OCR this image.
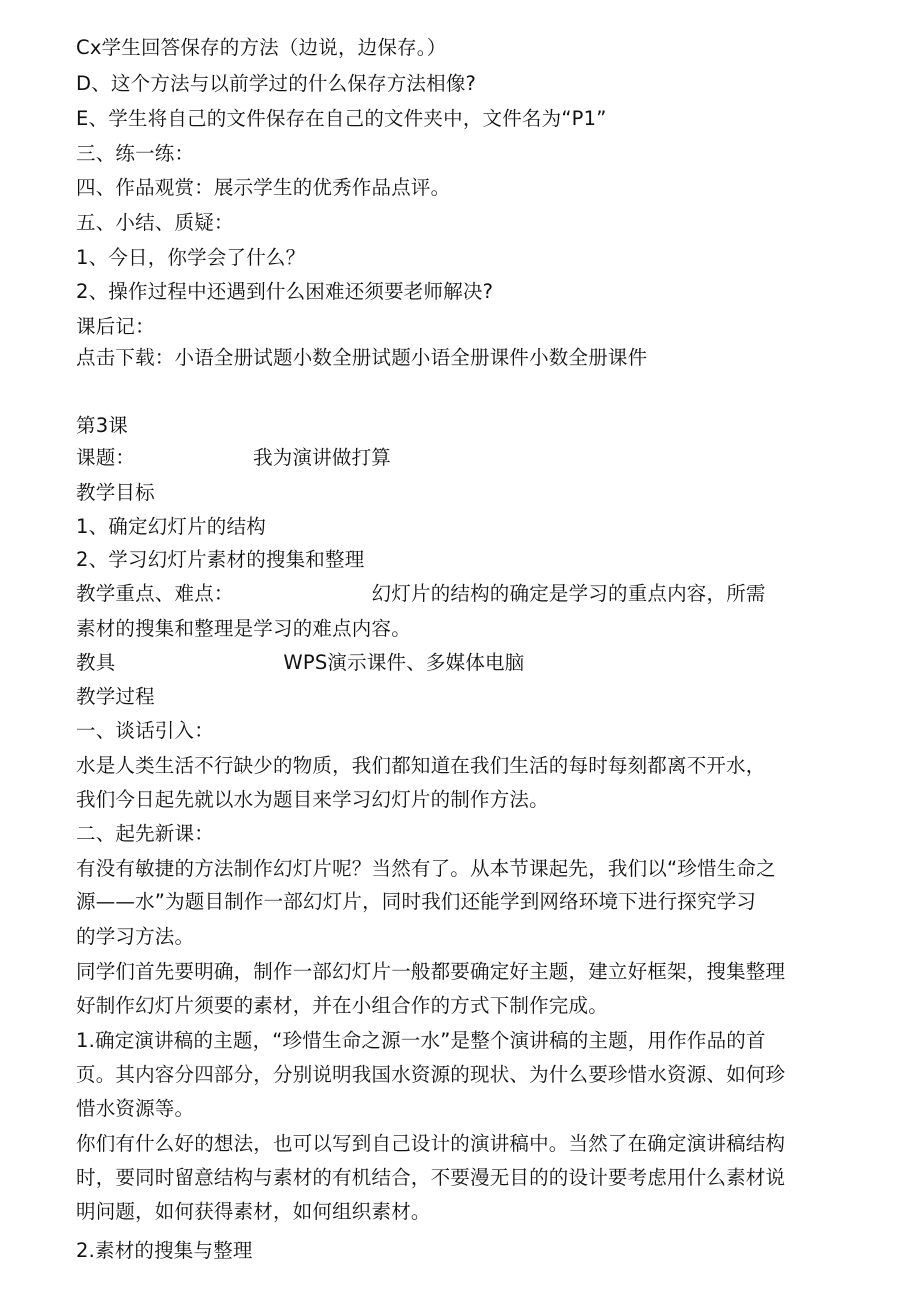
Cx学生回答保存的方法（边说，边保存。）
D、这个方法与以前学过的什么保存方法相像?
E、学生将自己的文件保存在自己的文件夹中，文件名为“P1”
三、练一练：
四、作品观赏：展示学生的优秀作品点评。
五、小结、质疑：
1、今日，你学会了什么？
2、操作过程中还遇到什么困难还须要老师解决?
课后记：
点击下载：小语全册试题小数全册试题小语全册课件小数全册课件
第3课
课题：	我为演讲做打算
教学目标
1、确定幻灯片的结构
2、学习幻灯片素材的搜集和整理
教学重点、难点：	幻灯片的结构的确定是学习的重点内容，所需
素材的搜集和整理是学习的难点内容。
教具	WPS演示课件、多媒体电脑
教学过程
一、谈话引入：
水是人类生活不行缺少的物质，我们都知道在我们生活的每时每刻都离不开水，
我们今日起先就以水为题目来学习幻灯片的制作方法。
二、起先新课：
有没有敏捷的方法制作幻灯片呢？当然有了。从本节课起先，我们以“珍惜生命之
源——水”为题目制作一部幻灯片，同时我们还能学到网络环境下进行探究学习
的学习方法。
同学们首先要明确，制作一部幻灯片一般都要确定好主题，建立好框架，搜集整理
好制作幻灯片须要的素材，并在小组合作的方式下制作完成。
1.确定演讲稿的主题，“珍惜生命之源一水”是整个演讲稿的主题，用作作品的首
页。其内容分四部分，分别说明我国水资源的现状、为什么要珍惜水资源、如何珍
惜水资源等。
你们有什么好的想法，也可以写到自己设计的演讲稿中。当然了在确定演讲稿结构
时，要同时留意结构与素材的有机结合，不要漫无目的的设计要考虑用什么素材说
明问题，如何获得素材，如何组织素材。
2.素材的搜集与整理
